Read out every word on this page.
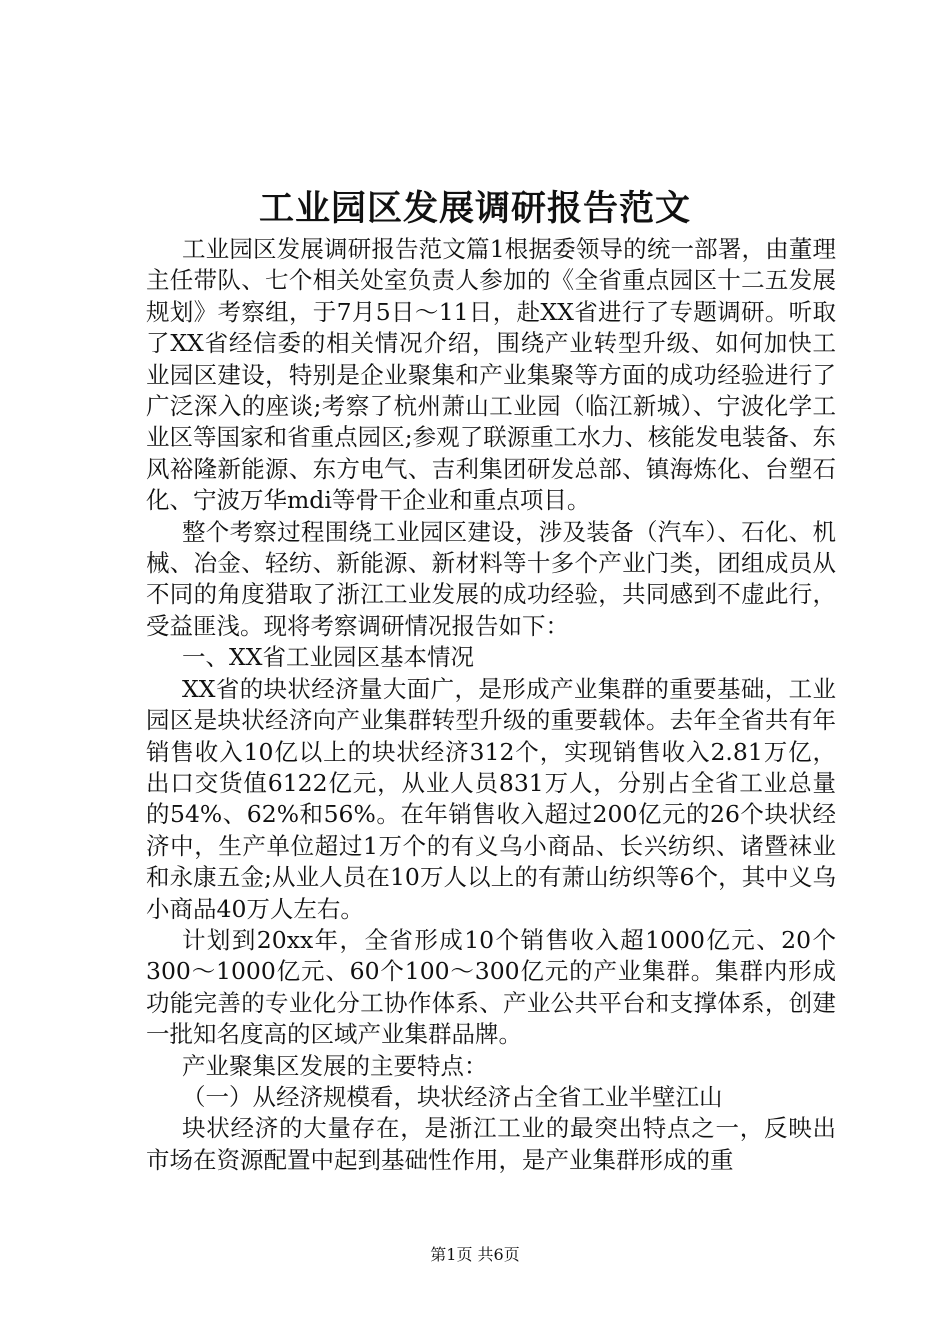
工业园区发展调研报告范文

工业园区发展调研报告范文篇1根据委领导的统一部署，由董理主任带队、七个相关处室负责人参加的《全省重点园区十二五发展规划》考察组，于7月5日～11日，赴XX省进行了专题调研。听取了XX省经信委的相关情况介绍，围绕产业转型升级、如何加快工业园区建设，特别是企业聚集和产业集聚等方面的成功经验进行了广泛深入的座谈;考察了杭州萧山工业园（临江新城）、宁波化学工业区等国家和省重点园区;参观了联源重工水力、核能发电装备、东风裕隆新能源、东方电气、吉利集团研发总部、镇海炼化、台塑石化、宁波万华mdi等骨干企业和重点项目。

整个考察过程围绕工业园区建设，涉及装备（汽车）、石化、机械、冶金、轻纺、新能源、新材料等十多个产业门类，团组成员从不同的角度猎取了浙江工业发展的成功经验，共同感到不虚此行，受益匪浅。现将考察调研情况报告如下：

一、XX省工业园区基本情况

XX省的块状经济量大面广，是形成产业集群的重要基础，工业园区是块状经济向产业集群转型升级的重要载体。去年全省共有年销售收入10亿以上的块状经济312个，实现销售收入2.81万亿，出口交货值6122亿元，从业人员831万人，分别占全省工业总量的54%、62%和56%。在年销售收入超过200亿元的26个块状经济中，生产单位超过1万个的有义乌小商品、长兴纺织、诸暨袜业和永康五金;从业人员在10万人以上的有萧山纺织等6个，其中义乌小商品40万人左右。

计划到20xx年，全省形成10个销售收入超1000亿元、20个300～1000亿元、60个100～300亿元的产业集群。集群内形成功能完善的专业化分工协作体系、产业公共平台和支撑体系，创建一批知名度高的区域产业集群品牌。

产业聚集区发展的主要特点：

（一）从经济规模看，块状经济占全省工业半壁江山

块状经济的大量存在，是浙江工业的最突出特点之一，反映出市场在资源配置中起到基础性作用，是产业集群形成的重

第1页 共6页
